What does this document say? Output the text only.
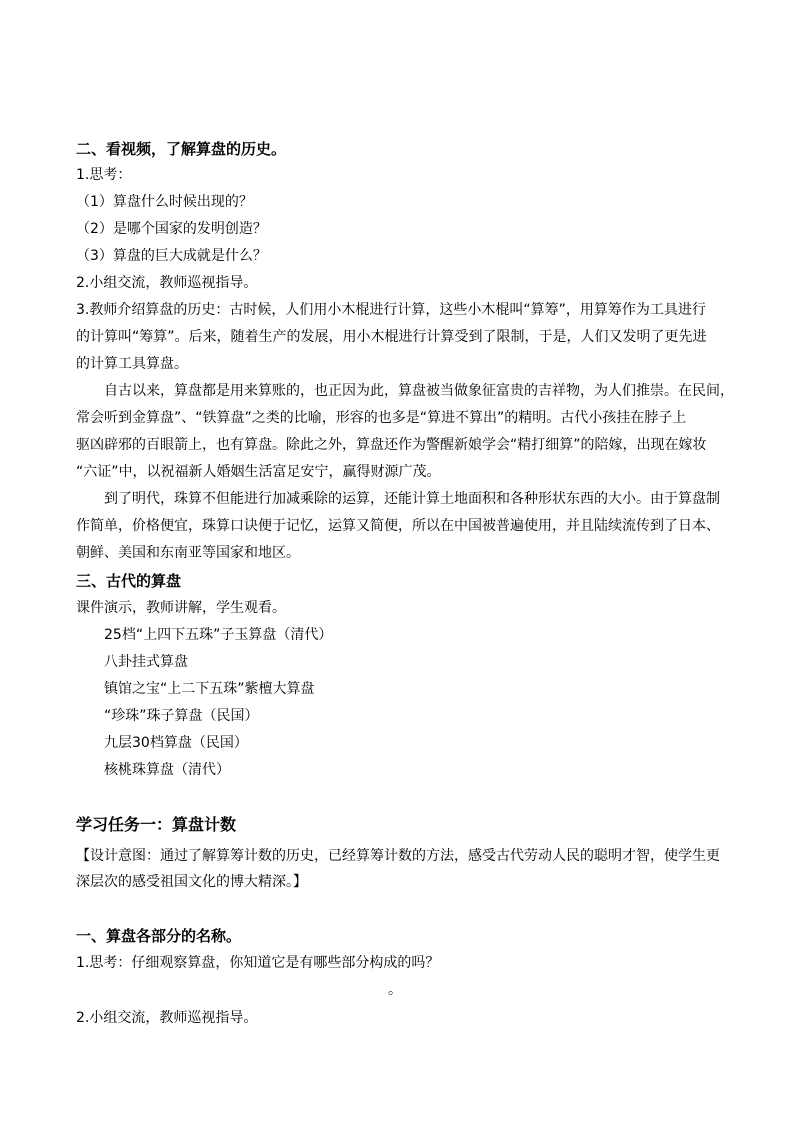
二、看视频，了解算盘的历史。
1.思考：
（1）算盘什么时候出现的？
（2）是哪个国家的发明创造？
（3）算盘的巨大成就是什么？
2.小组交流，教师巡视指导。
3.教师介绍算盘的历史：古时候，人们用小木棍进行计算，这些小木棍叫“算筹”，用算筹作为工具进行
的计算叫“筹算”。后来，随着生产的发展，用小木棍进行计算受到了限制，于是，人们又发明了更先进
的计算工具算盘。
自古以来，算盘都是用来算账的，也正因为此，算盘被当做象征富贵的吉祥物，为人们推崇。在民间，
常会听到金算盘”、“铁算盘”之类的比喻，形容的也多是“算进不算出”的精明。古代小孩挂在脖子上
驱凶辟邪的百眼箭上，也有算盘。除此之外，算盘还作为警醒新娘学会“精打细算”的陪嫁，出现在嫁妆
“六证”中，以祝福新人婚姻生活富足安宁，赢得财源广茂。
到了明代，珠算不但能进行加减乘除的运算，还能计算土地面积和各种形状东西的大小。由于算盘制
作简单，价格便宜，珠算口诀便于记忆，运算又简便，所以在中国被普遍使用，并且陆续流传到了日本、
朝鲜、美国和东南亚等国家和地区。
三、古代的算盘
课件演示，教师讲解，学生观看。
25档“上四下五珠”子玉算盘（清代）
八卦挂式算盘
镇馆之宝“上二下五珠”紫檀大算盘
“珍珠”珠子算盘（民国）
九层30档算盘（民国）
核桃珠算盘（清代）
学习任务一：算盘计数
【设计意图：通过了解算筹计数的历史，已经算筹计数的方法，感受古代劳动人民的聪明才智，使学生更
深层次的感受祖国文化的博大精深。】
一、算盘各部分的名称。
1.思考：仔细观察算盘，你知道它是有哪些部分构成的吗？
。
2.小组交流，教师巡视指导。
